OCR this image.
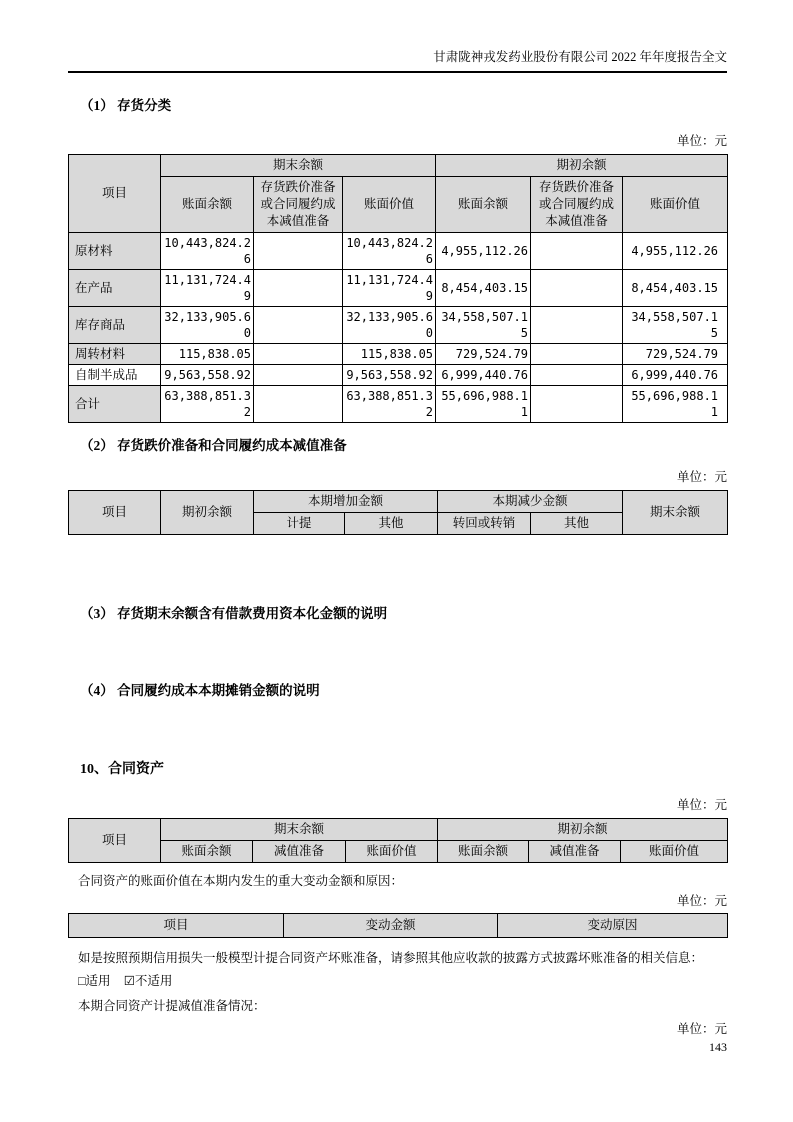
甘肃陇神戎发药业股份有限公司 2022 年年度报告全文
（1） 存货分类
单位：元
项目	期末余额			期初余额		
	账面余额	存货跌价准备或合同履约成本减值准备	账面价值	账面余额	存货跌价准备或合同履约成本减值准备	账面价值
原材料	10,443,824.26		10,443,824.26	4,955,112.26		4,955,112.26
在产品	11,131,724.49		11,131,724.49	8,454,403.15		8,454,403.15
库存商品	32,133,905.60		32,133,905.60	34,558,507.15		34,558,507.15
周转材料	115,838.05		115,838.05	729,524.79		729,524.79
自制半成品	9,563,558.92		9,563,558.92	6,999,440.76		6,999,440.76
合计	63,388,851.32		63,388,851.32	55,696,988.11		55,696,988.11
（2） 存货跌价准备和合同履约成本减值准备
单位：元
项目	期初余额	本期增加金额		本期减少金额		期末余额
		计提	其他	转回或转销	其他	
（3） 存货期末余额含有借款费用资本化金额的说明
（4） 合同履约成本本期摊销金额的说明
10、合同资产
单位：元
项目	期末余额			期初余额		
	账面余额	减值准备	账面价值	账面余额	减值准备	账面价值
合同资产的账面价值在本期内发生的重大变动金额和原因：
单位：元
项目	变动金额	变动原因
如是按照预期信用损失一般模型计提合同资产坏账准备，请参照其他应收款的披露方式披露坏账准备的相关信息：
□适用 ☑不适用
本期合同资产计提减值准备情况：
单位：元
143
